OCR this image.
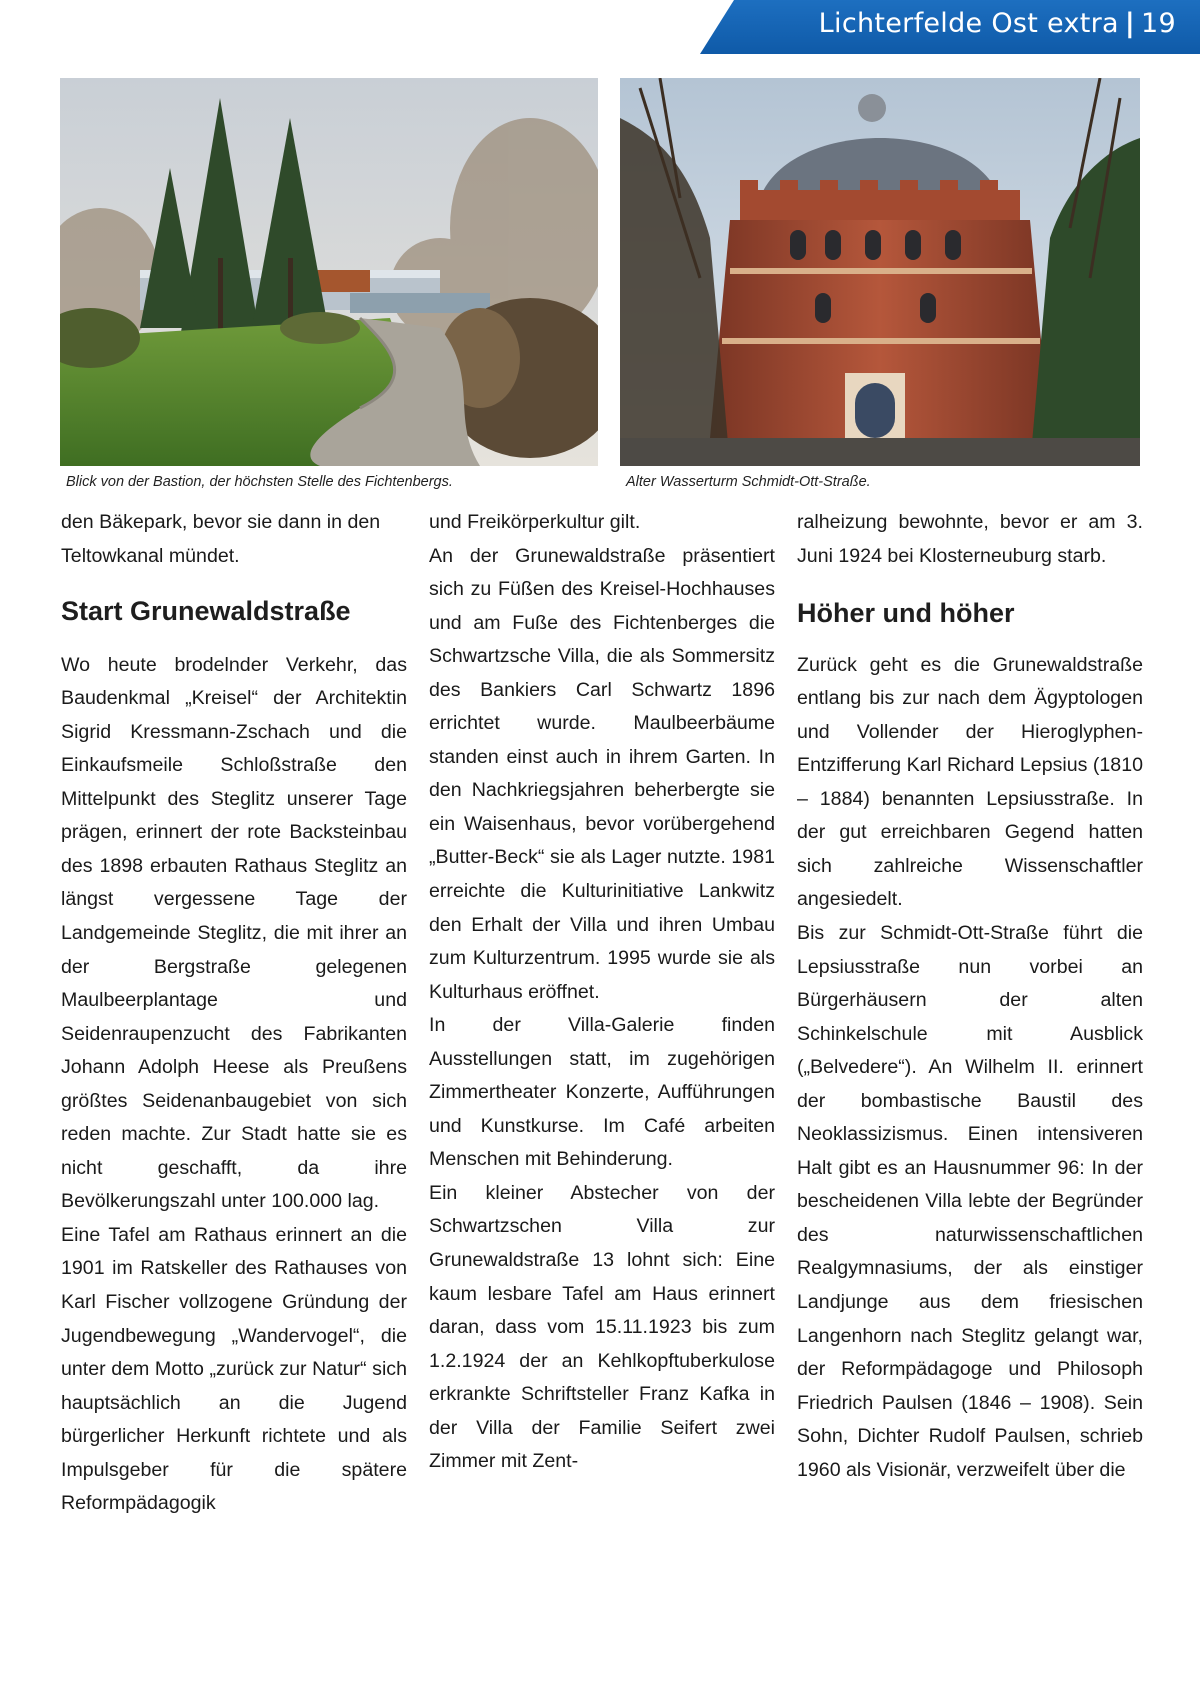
Lichterfelde Ost extra | 19
Blick von der Bastion, der höchsten Stelle des Fichtenbergs.	Alter Wasserturm Schmidt-Ott-Straße.

den Bäkepark, bevor sie dann in den Teltowkanal mündet.

Start Grunewaldstraße

Wo heute brodelnder Verkehr, das Baudenkmal „Kreisel“ der Architektin Sigrid Kressmann-Zschach und die Einkaufsmeile Schloßstraße den Mittelpunkt des Steglitz unserer Tage prägen, erinnert der rote Backsteinbau des 1898 erbauten Rathaus Steglitz an längst vergessene Tage der Landgemeinde Steglitz, die mit ihrer an der Bergstraße gelegenen Maulbeerplantage und Seidenraupenzucht des Fabrikanten Johann Adolph Heese als Preußens größtes Seidenanbaugebiet von sich reden machte. Zur Stadt hatte sie es nicht geschafft, da ihre Bevölkerungszahl unter 100.000 lag.

Eine Tafel am Rathaus erinnert an die 1901 im Ratskeller des Rathauses von Karl Fischer vollzogene Gründung der Jugendbewegung „Wandervogel“, die unter dem Motto „zurück zur Natur“ sich hauptsächlich an die Jugend bürgerlicher Herkunft richtete und als Impulsgeber für die spätere Reformpädagogik

und Freikörperkultur gilt.

An der Grunewaldstraße präsentiert sich zu Füßen des Kreisel-Hochhauses und am Fuße des Fichtenberges die Schwartzsche Villa, die als Sommersitz des Bankiers Carl Schwartz 1896 errichtet wurde. Maulbeerbäume standen einst auch in ihrem Garten. In den Nachkriegsjahren beherbergte sie ein Waisenhaus, bevor vorübergehend „Butter-Beck“ sie als Lager nutzte. 1981 erreichte die Kulturinitiative Lankwitz den Erhalt der Villa und ihren Umbau zum Kulturzentrum. 1995 wurde sie als Kulturhaus eröffnet.

In der Villa-Galerie finden Ausstellungen statt, im zugehörigen Zimmertheater Konzerte, Aufführungen und Kunstkurse. Im Café arbeiten Menschen mit Behinderung.

Ein kleiner Abstecher von der Schwartzschen Villa zur Grunewaldstraße 13 lohnt sich: Eine kaum lesbare Tafel am Haus erinnert daran, dass vom 15.11.1923 bis zum 1.2.1924 der an Kehlkopftuberkulose erkrankte Schriftsteller Franz Kafka in der Villa der Familie Seifert zwei Zimmer mit Zent-

ralheizung bewohnte, bevor er am 3. Juni 1924 bei Klosterneuburg starb.

Höher und höher

Zurück geht es die Grunewaldstraße entlang bis zur nach dem Ägyptologen und Vollender der Hieroglyphen-Entzifferung Karl Richard Lepsius (1810 – 1884) benannten Lepsiusstraße. In der gut erreichbaren Gegend hatten sich zahlreiche Wissenschaftler angesiedelt.

Bis zur Schmidt-Ott-Straße führt die Lepsiusstraße nun vorbei an Bürgerhäusern der alten Schinkelschule mit Ausblick („Belvedere“). An Wilhelm II. erinnert der bombastische Baustil des Neoklassizismus. Einen intensiveren Halt gibt es an Hausnummer 96: In der bescheidenen Villa lebte der Begründer des naturwissenschaftlichen Realgymnasiums, der als einstiger Landjunge aus dem friesischen Langenhorn nach Steglitz gelangt war, der Reformpädagoge und Philosoph Friedrich Paulsen (1846 – 1908). Sein Sohn, Dichter Rudolf Paulsen, schrieb 1960 als Visionär, verzweifelt über die
